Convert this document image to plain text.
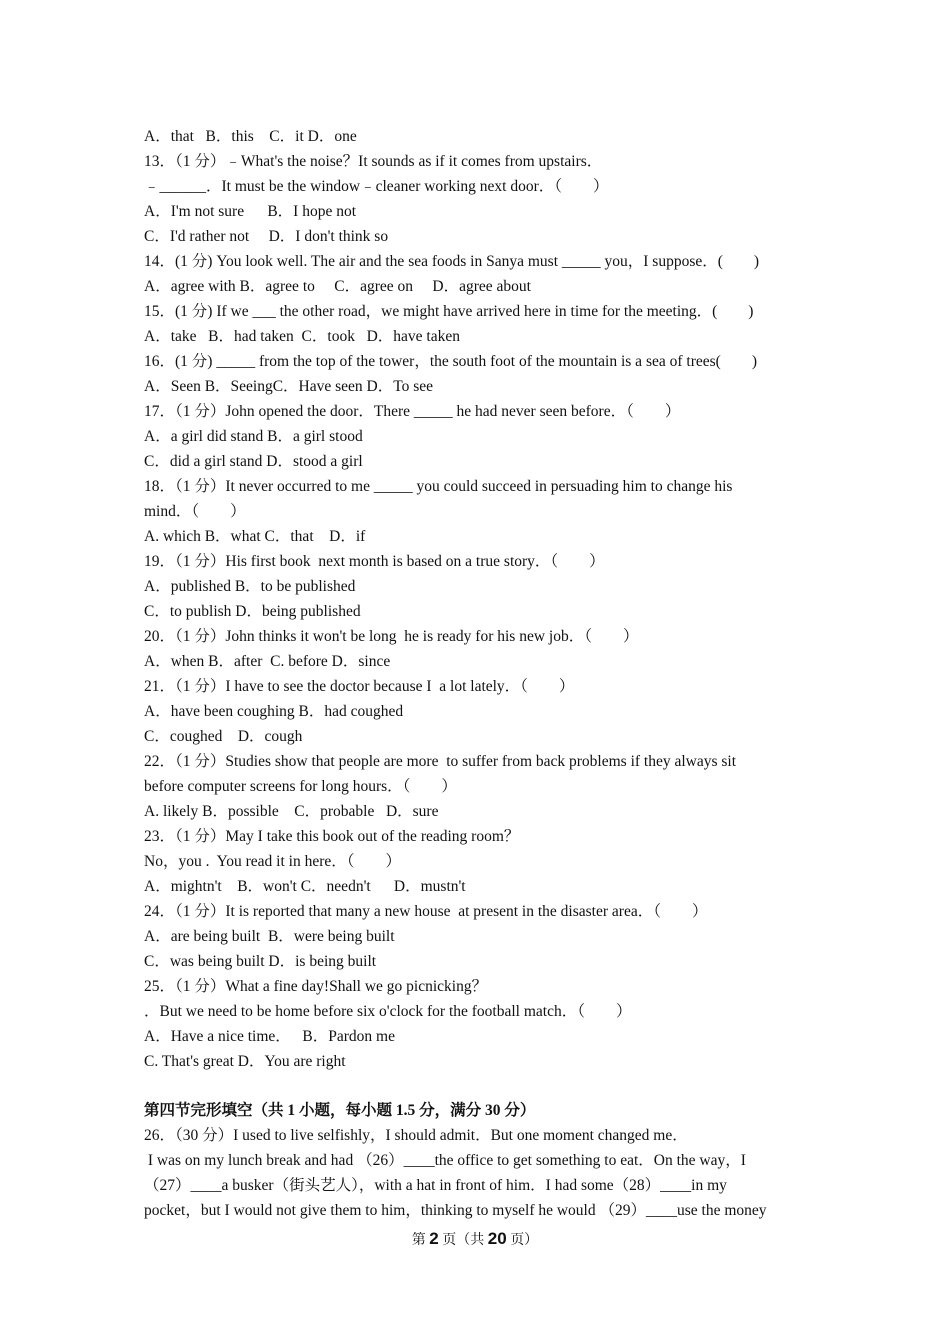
A．that   B．this    C．it D．one
13．（1 分）﹣What's the noise？It sounds as if it comes from upstairs．
﹣______．It must be the window﹣cleaner working next door．（　　）
A．I'm not sure      B．I hope not
C．I'd rather not     D．I don't think so
14．(1 分) You look well. The air and the sea foods in Sanya must _____ you，I suppose．(        )
A．agree with B．agree to     C．agree on     D．agree about
15．(1 分) If we ___ the other road，we might have arrived here in time for the meeting．(        )
A．take   B．had taken  C．took   D．have taken
16．(1 分) _____ from the top of the tower，the south foot of the mountain is a sea of trees(        )
A．Seen B．SeeingC．Have seen D．To see
17．（1 分）John opened the door．There _____ he had never seen before．（　　）
A．a girl did stand B．a girl stood
C．did a girl stand D．stood a girl
18．（1 分）It never occurred to me _____ you could succeed in persuading him to change his
mind．（　　）
A. which B．what C．that    D．if
19．（1 分）His first book  next month is based on a true story．（　　）
A．published B．to be published
C．to publish D．being published
20．（1 分）John thinks it won't be long  he is ready for his new job．（　　）
A．when B．after  C. before D．since
21．（1 分）I have to see the doctor because I  a lot lately．（　　）
A．have been coughing B．had coughed
C．coughed    D．cough
22．（1 分）Studies show that people are more  to suffer from back problems if they always sit
before computer screens for long hours．（　　）
A. likely B．possible    C．probable   D．sure
23．（1 分）May I take this book out of the reading room？
No，you .  You read it in here．（　　）
A．mightn't    B．won't C．needn't      D．mustn't
24．（1 分）It is reported that many a new house  at present in the disaster area．（　　）
A．are being built  B．were being built
C．was being built D．is being built
25．（1 分）What a fine day!Shall we go picnicking？
．But we need to be home before six o'clock for the football match．（　　）
A．Have a nice time．   B．Pardon me
C. That's great D．You are right
第四节完形填空（共 1 小题，每小题 1.5 分，满分 30 分）
26．（30 分）I used to live selfishly，I should admit．But one moment changed me．
I was on my lunch break and had （26）____the office to get something to eat．On the way，I
（27）____a busker（街头艺人），with a hat in front of him．I had some（28）____in my
pocket，but I would not give them to him，thinking to myself he would （29）____use the money
第 2 页（共 20 页）
